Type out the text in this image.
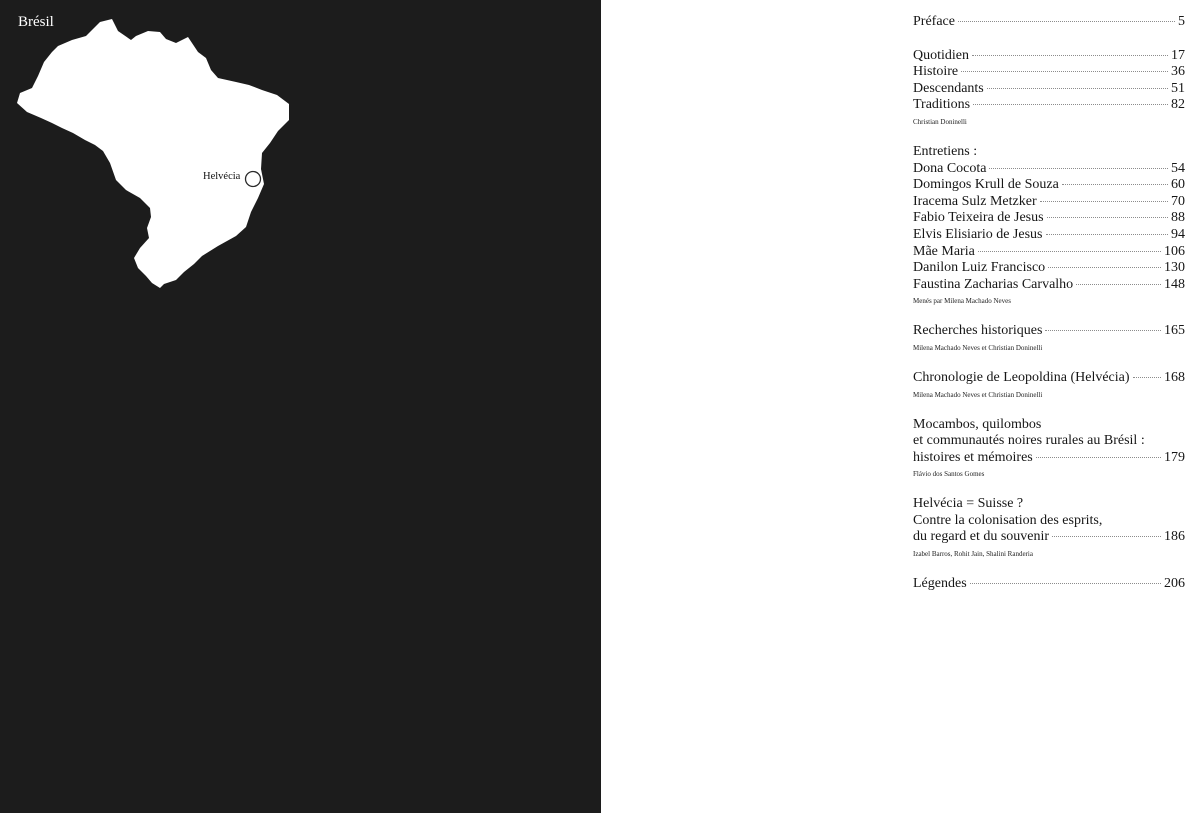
Brésil
Helvécia
Préface	5
Quotidien	17
Histoire	36
Descendants	51
Traditions	82
Christian Doninelli
Entretiens :
Dona Cocota	54
Domingos Krull de Souza	60
Iracema Sulz Metzker	70
Fabio Teixeira de Jesus	88
Elvis Elisiario de Jesus	94
Mãe Maria	106
Danilon Luiz Francisco	130
Faustina Zacharias Carvalho	148
Menés par Milena Machado Neves
Recherches historiques	165
Milena Machado Neves et Christian Doninelli
Chronologie de Leopoldina (Helvécia) 168
Milena Machado Neves et Christian Doninelli
Mocambos, quilombos
et communautés noires rurales au Brésil :
histoires et mémoires	179
Flávio dos Santos Gomes
Helvécia = Suisse ?
Contre la colonisation des esprits,
du regard et du souvenir	186
Izabel Barros, Rohit Jain, Shalini Randeria
Légendes	206
